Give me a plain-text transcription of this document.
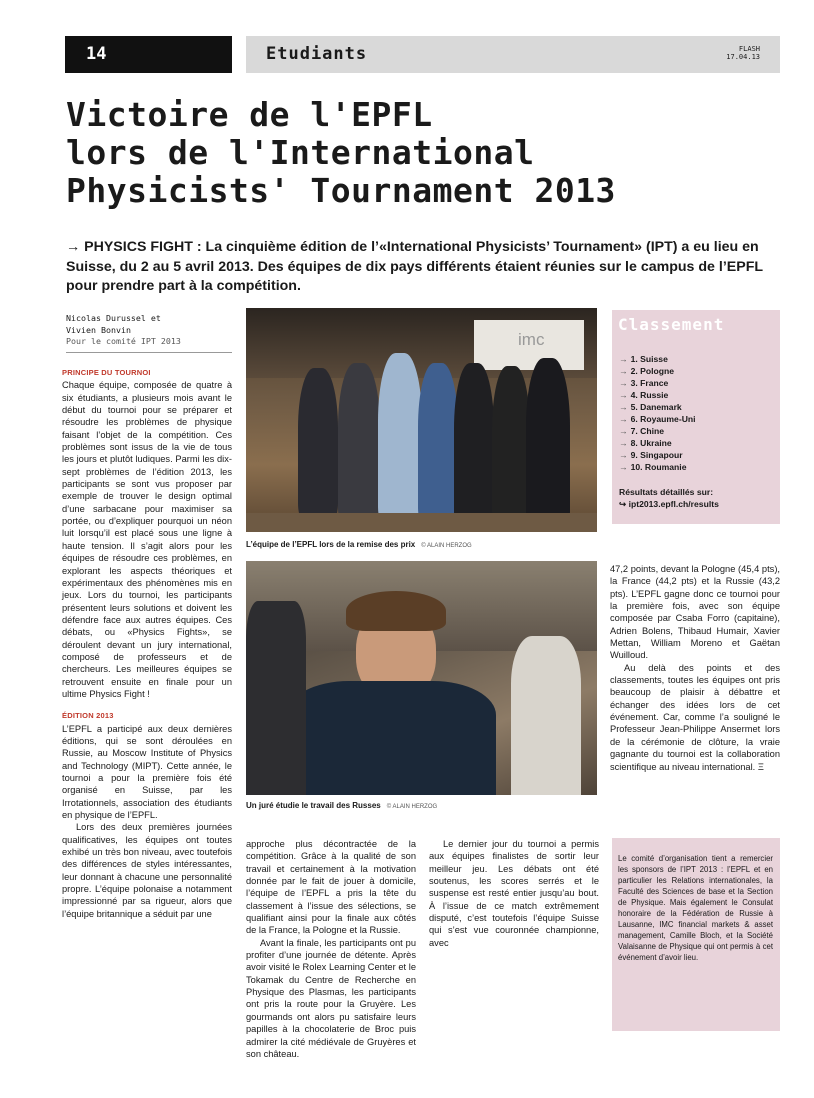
14	Etudiants	FLASH
17.04.13
Victoire de l'EPFL
lors de l'International
Physicists' Tournament 2013
→ PHYSICS FIGHT : La cinquième édition de l’«International Physicists’ Tournament» (IPT) a eu lieu en Suisse, du 2 au 5 avril 2013. Des équipes de dix pays différents étaient réunies sur le campus de l’EPFL pour prendre part à la compétition.
Nicolas Durussel et
Vivien Bonvin
Pour le comité IPT 2013
PRINCIPE DU TOURNOI

Chaque équipe, composée de quatre à six étudiants, a plusieurs mois avant le début du tournoi pour se préparer et résoudre les problèmes de physique faisant l’objet de la compétition. Ces problèmes sont issus de la vie de tous les jours et plutôt ludiques. Parmi les dix-sept problèmes de l’édition 2013, les participants se sont vus proposer par exemple de trouver le design optimal d’une sarbacane pour maximiser sa portée, ou d’expliquer pourquoi un néon luit lorsqu’il est placé sous une ligne à haute tension. Il s’agit alors pour les équipes de résoudre ces problèmes, en explorant les aspects théoriques et expérimentaux des phénomènes mis en jeux. Lors du tournoi, les participants présentent leurs solutions et doivent les défendre face aux autres équipes. Ces débats, ou «Physics Fights», se déroulent devant un jury international, composé de professeurs et de chercheurs. Les meilleures équipes se retrouvent ensuite en finale pour un ultime Physics Fight !

ÉDITION 2013

L’EPFL a participé aux deux dernières éditions, qui se sont déroulées en Russie, au Moscow Institute of Physics and Technology (MIPT). Cette année, le tournoi a pour la première fois été organisé en Suisse, par les Irrotationnels, association des étudiants en physique de l’EPFL.

Lors des deux premières journées qualificatives, les équipes ont toutes exhibé un très bon niveau, avec toutefois des différences de styles intéressantes, leur donnant à chacune une personnalité propre. L’équipe polonaise a notamment impressionné par sa rigueur, alors que l’équipe britannique a séduit par une

imc
L’équipe de l’EPFL lors de la remise des prix © ALAIN HERZOG
Un juré étudie le travail des Russes © ALAIN HERZOG

approche plus décontractée de la compétition. Grâce à la qualité de son travail et certainement à la motivation donnée par le fait de jouer à domicile, l’équipe de l’EPFL a pris la tête du classement à l’issue des sélections, se qualifiant ainsi pour la finale aux côtés de la France, la Pologne et la Russie.

Avant la finale, les participants ont pu profiter d’une journée de détente. Après avoir visité le Rolex Learning Center et le Tokamak du Centre de Recherche en Physique des Plasmas, les participants ont pris la route pour la Gruyère. Les gourmands ont alors pu satisfaire leurs papilles à la chocolaterie de Broc puis admirer la cité médiévale de Gruyères et son château.

Le dernier jour du tournoi a permis aux équipes finalistes de sortir leur meilleur jeu. Les débats ont été soutenus, les scores serrés et le suspense est resté entier jusqu’au bout. À l’issue de ce match extrêmement disputé, c’est toutefois l’équipe Suisse qui s’est vue couronnée championne, avec

47,2 points, devant la Pologne (45,4 pts), la France (44,2 pts) et la Russie (43,2 pts). L’EPFL gagne donc ce tournoi pour la première fois, avec son équipe composée par Csaba Forro (capitaine), Adrien Bolens, Thibaud Humair, Xavier Mettan, William Moreno et Gaëtan Wuilloud.

Au delà des points et des classements, toutes les équipes ont pris beaucoup de plaisir à débattre et échanger des idées lors de cet événement. Car, comme l’a souligné le Professeur Jean-Philippe Ansermet lors de la cérémonie de clôture, la vraie gagnante du tournoi est la collaboration scientifique au niveau international. Ξ

Classement
→ 1. Suisse
→ 2. Pologne
→ 3. France
→ 4. Russie
→ 5. Danemark
→ 6. Royaume-Uni
→ 7. Chine
→ 8. Ukraine
→ 9. Singapour
→ 10. Roumanie
Résultats détaillés sur:
↪ ipt2013.epfl.ch/results
Le comité d’organisation tient a remercier les sponsors de l’IPT 2013 : l’EPFL et en particulier les Relations internationales, la Faculté des Sciences de base et la Section de Physique. Mais également le Consulat honoraire de la Fédération de Russie à Lausanne, IMC financial markets & asset management, Camille Bloch, et la Société Valaisanne de Physique qui ont permis à cet événement d’avoir lieu.
